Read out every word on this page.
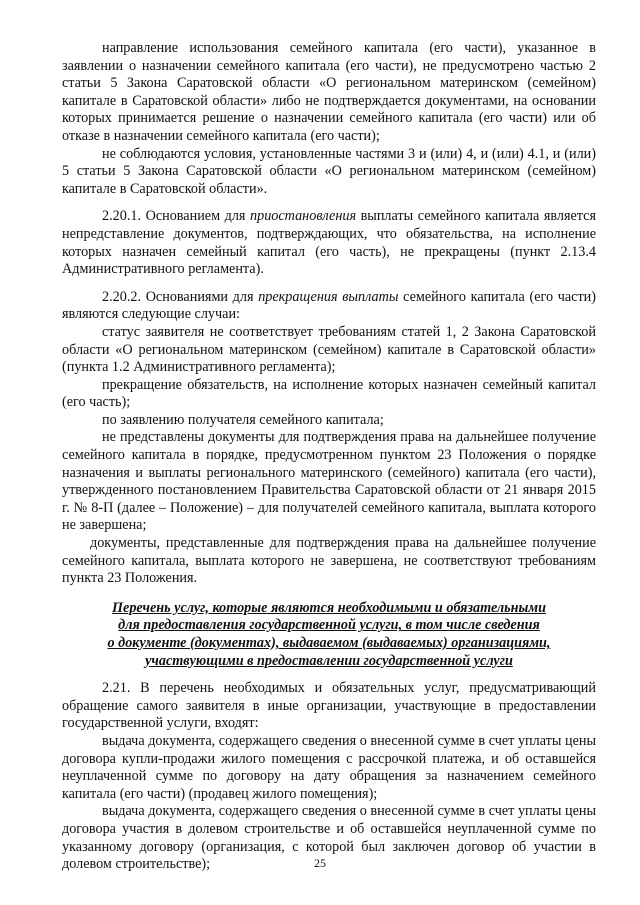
направление использования семейного капитала (его части), указанное в заявлении о назначении семейного капитала (его части), не предусмотрено частью 2 статьи 5 Закона Саратовской области «О региональном материнском (семейном) капитале в Саратовской области» либо не подтверждается документами, на основании которых принимается решение о назначении семейного капитала (его части) или об отказе в назначении семейного капитала (его части);

не соблюдаются условия, установленные частями 3 и (или) 4, и (или) 4.1, и (или) 5 статьи 5 Закона Саратовской области «О региональном материнском (семейном) капитале в Саратовской области».

2.20.1. Основанием для приостановления выплаты семейного капитала является непредставление документов, подтверждающих, что обязательства, на исполнение которых назначен семейный капитал (его часть), не прекращены (пункт 2.13.4 Административного регламента).

2.20.2. Основаниями для прекращения выплаты семейного капитала (его части) являются следующие случаи:

статус заявителя не соответствует требованиям статей 1, 2 Закона Саратовской области «О региональном материнском (семейном) капитале в Саратовской области» (пункта 1.2 Административного регламента);

прекращение обязательств, на исполнение которых назначен семейный капитал (его часть);

по заявлению получателя семейного капитала;

не представлены документы для подтверждения права на дальнейшее получение семейного капитала в порядке, предусмотренном пунктом 23 Положения о порядке назначения и выплаты регионального материнского (семейного) капитала (его части), утвержденного постановлением Правительства Саратовской области от 21 января 2015 г. № 8-П (далее – Положение) – для получателей семейного капитала, выплата которого не завершена;

документы, представленные для подтверждения права на дальнейшее получение семейного капитала, выплата которого не завершена, не соответствуют требованиям пункта 23 Положения.

Перечень услуг, которые являются необходимыми и обязательными
для предоставления государственной услуги, в том числе сведения
о документе (документах), выдаваемом (выдаваемых) организациями,
участвующими в предоставлении государственной услуги

2.21. В перечень необходимых и обязательных услуг, предусматривающий обращение самого заявителя в иные организации, участвующие в предоставлении государственной услуги, входят:

выдача документа, содержащего сведения о внесенной сумме в счет уплаты цены договора купли-продажи жилого помещения с рассрочкой платежа, и об оставшейся неуплаченной сумме по договору на дату обращения за назначением семейного капитала (его части) (продавец жилого помещения);

выдача документа, содержащего сведения о внесенной сумме в счет уплаты цены договора участия в долевом строительстве и об оставшейся неуплаченной сумме по указанному договору (организация, с которой был заключен договор об участии в долевом строительстве);	25
